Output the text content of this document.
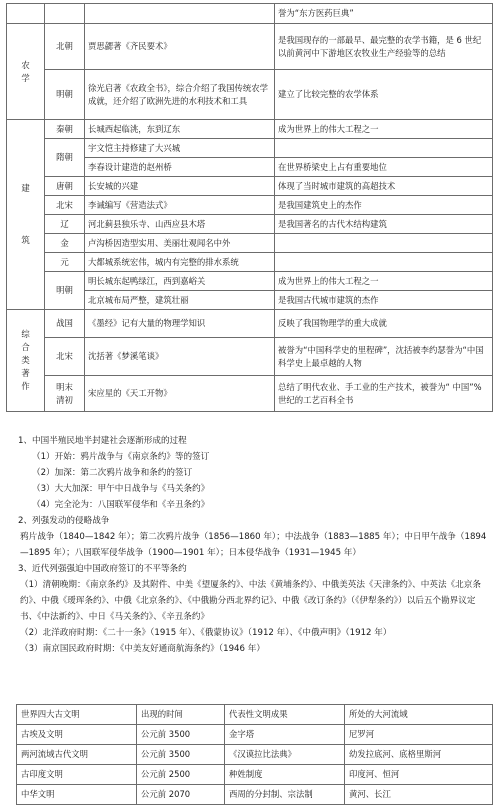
			誉为“东方医药巨典”
农
学	北朝	贾思勰著《齐民要术》	是我国现存的一部最早、最完整的农学书籍，是 6 世纪以前黄河中下游地区农牧业生产经验等的总结
	明朝	徐光启著《农政全书》，综合介绍了我国传统农学成就，还介绍了欧洲先进的水利技术和工具	建立了比较完整的农学体系
建

筑	秦朝	长城西起临洮，东到辽东	成为世界上的伟大工程之一
	隋朝	宇文恺主持修建了大兴城	
		李春设计建造的赵州桥	在世界桥梁史上占有重要地位
	唐朝	长安城的兴建	体现了当时城市建筑的高超技术
	北宋	李诫编写《营造法式》	是我国建筑史上的杰作
	辽	河北蓟县独乐寺、山西应县木塔	是我国著名的古代木结构建筑
	金	卢沟桥因造型实用、美丽壮观闻名中外	
	元	大都城系统宏伟，城内有完整的排水系统	
	明朝	明长城东起鸭绿江，西到嘉峪关	成为世界上的伟大工程之一
		北京城布局严整，建筑壮丽	是我国古代城市建筑的杰作
综
合
类
著
作	战国	《墨经》记有大量的物理学知识	反映了我国物理学的重大成就
	北宋	沈括著《梦溪笔谈》	被誉为“中国科学史的里程碑”，沈括被李约瑟誉为“中国科学史上最卓越的人物
	明末
清初	宋应星的《天工开物》	总结了明代农业、手工业的生产技术，被誉为“ 中国”% 世纪的工艺百科全书
1、中国半殖民地半封建社会逐渐形成的过程
（1）开始：鸦片战争与《南京条约》等的签订
（2）加深：第二次鸦片战争和条约的签订
（3）大大加深：甲午中日战争与《马关条约》
（4）完全沦为：八国联军侵华和《辛丑条约》
2、列强发动的侵略战争
鸦片战争（1840—1842 年）；第二次鸦片战争（1856—1860 年）；中法战争（1883—1885 年）；中日甲午战争（1894—1895 年）；八国联军侵华战争（1900—1901 年）；日本侵华战争（1931—1945 年）
3、近代列强强迫中国政府签订的不平等条约
（1）清朝晚期：《南京条约》及其附件、中美《望厦条约》、中法《黄埔条约》、中俄美英法《天津条约》、中英法《北京条约》、中俄《瑷珲条约》、中俄《北京条约》、《中俄勘分西北界约记》、中俄《改订条约》（《伊犁条约》）以后五个勘界议定书、《中法新约》、中日《马关条约》、《辛丑条约》
（2）北洋政府时期：《二十一条》（1915 年）、《俄蒙协议》（1912 年）、《中俄声明》（1912 年）
（3）南京国民政府时期：《中美友好通商航海条约》（1946 年）
世界四大古文明	出现的时间	代表性文明成果	所处的大河流域
古埃及文明	公元前 3500	金字塔	尼罗河
两河流域古代文明	公元前 3500	《汉谟拉比法典》	幼发拉底河、底格里斯河
古印度文明	公元前 2500	种姓制度	印度河、恒河
中华文明	公元前 2070	西周的分封制、宗法制	黄河、长江
